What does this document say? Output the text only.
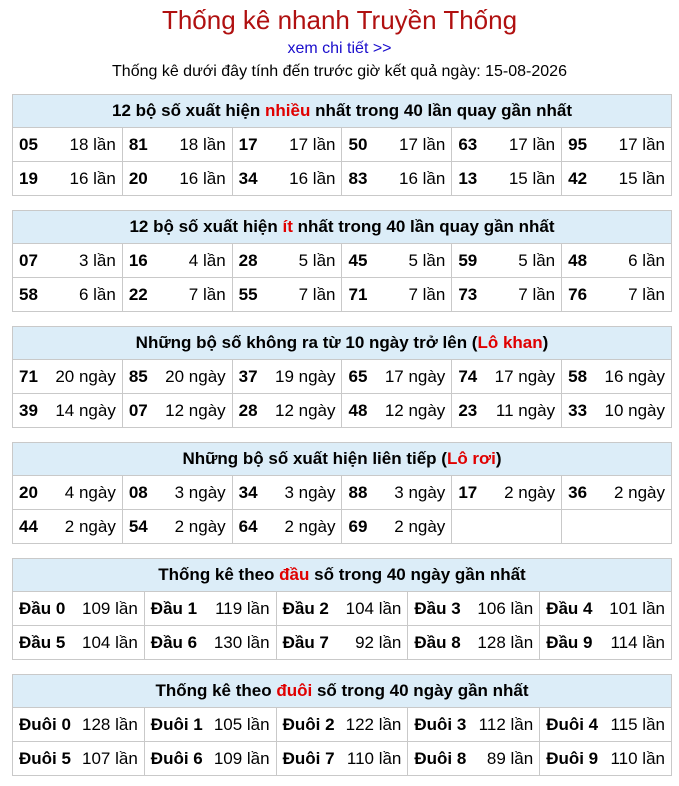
Thống kê nhanh Truyền Thống
xem chi tiết >>
Thống kê dưới đây tính đến trước giờ kết quả ngày: 15-08-2026
12 bộ số xuất hiện nhiều nhất trong 40 lần quay gần nhất					

05 18 lần	81 18 lần	17 17 lần	50 17 lần	63 17 lần	95 17 lần

19 16 lần	20 16 lần	34 16 lần	83 16 lần	13 15 lần	42 15 lần
12 bộ số xuất hiện ít nhất trong 40 lần quay gần nhất					

07 3 lần	16 4 lần	28 5 lần	45 5 lần	59 5 lần	48 6 lần

58 6 lần	22 7 lần	55 7 lần	71 7 lần	73 7 lần	76 7 lần
Những bộ số không ra từ 10 ngày trở lên (Lô khan)					

71 20 ngày	85 20 ngày	37 19 ngày	65 17 ngày	74 17 ngày	58 16 ngày

39 14 ngày	07 12 ngày	28 12 ngày	48 12 ngày	23 11 ngày	33 10 ngày
Những bộ số xuất hiện liên tiếp (Lô rơi)					

20 4 ngày	08 3 ngày	34 3 ngày	88 3 ngày	17 2 ngày	36 2 ngày

44 2 ngày	54 2 ngày	64 2 ngày	69 2 ngày		

Thống kê theo đầu số trong 40 ngày gần nhất				

Đầu 0 109 lần	Đầu 1 119 lần	Đầu 2 104 lần	Đầu 3 106 lần	Đầu 4 101 lần

Đầu 5 104 lần	Đầu 6 130 lần	Đầu 7 92 lần	Đầu 8 128 lần	Đầu 9 114 lần
Thống kê theo đuôi số trong 40 ngày gần nhất				

Đuôi 0 128 lần	Đuôi 1 105 lần	Đuôi 2 122 lần	Đuôi 3 112 lần	Đuôi 4 115 lần

Đuôi 5 107 lần	Đuôi 6 109 lần	Đuôi 7 110 lần	Đuôi 8 89 lần	Đuôi 9 110 lần
